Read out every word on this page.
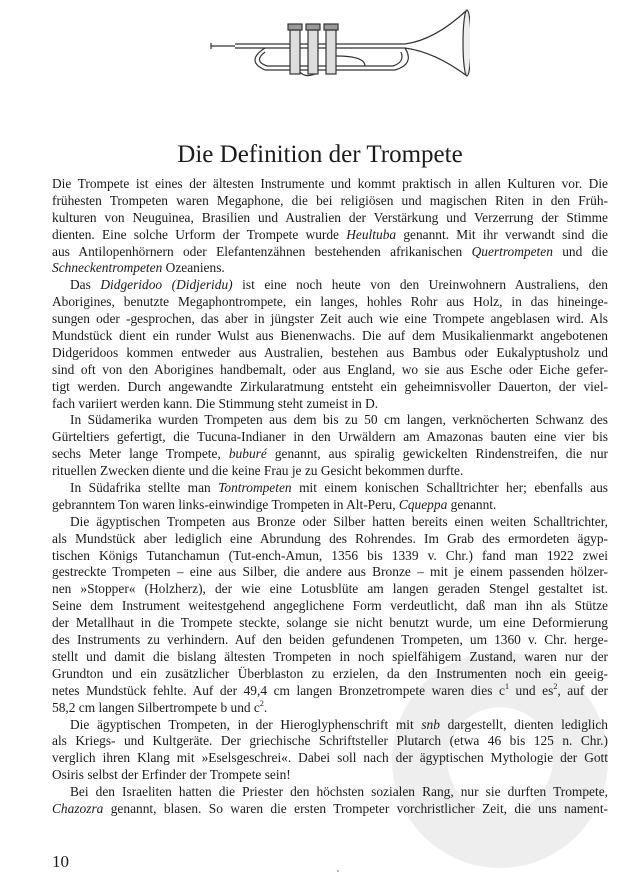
Die Definition der Trompete
Die Trompete ist eines der ältesten Instrumente und kommt praktisch in allen Kulturen vor. Die
frühesten Trompeten waren Megaphone, die bei religiösen und magischen Riten in den Früh-
kulturen von Neuguinea, Brasilien und Australien der Verstärkung und Verzerrung der Stimme
dienten. Eine solche Urform der Trompete wurde Heultuba genannt. Mit ihr verwandt sind die
aus Antilopenhörnern oder Elefantenzähnen bestehenden afrikanischen Quertrompeten und die
Schneckentrompeten Ozeaniens.
Das Didgeridoo (Didjeridu) ist eine noch heute von den Ureinwohnern Australiens, den
Aborigines, benutzte Megaphontrompete, ein langes, hohles Rohr aus Holz, in das hineinge-
sungen oder -gesprochen, das aber in jüngster Zeit auch wie eine Trompete angeblasen wird. Als
Mundstück dient ein runder Wulst aus Bienenwachs. Die auf dem Musikalienmarkt angebotenen
Didgeridoos kommen entweder aus Australien, bestehen aus Bambus oder Eukalyptusholz und
sind oft von den Aborigines handbemalt, oder aus England, wo sie aus Esche oder Eiche gefer-
tigt werden. Durch angewandte Zirkularatmung entsteht ein geheimnisvoller Dauerton, der viel-
fach variiert werden kann. Die Stimmung steht zumeist in D.
In Südamerika wurden Trompeten aus dem bis zu 50 cm langen, verknöcherten Schwanz des
Gürteltiers gefertigt, die Tucuna-Indianer in den Urwäldern am Amazonas bauten eine vier bis
sechs Meter lange Trompete, buburé genannt, aus spiralig gewickelten Rindenstreifen, die nur
rituellen Zwecken diente und die keine Frau je zu Gesicht bekommen durfte.
In Südafrika stellte man Tontrompeten mit einem konischen Schalltrichter her; ebenfalls aus
gebranntem Ton waren links-einwindige Trompeten in Alt-Peru, Cqueppa genannt.
Die ägyptischen Trompeten aus Bronze oder Silber hatten bereits einen weiten Schalltrichter,
als Mundstück aber lediglich eine Abrundung des Rohrendes. Im Grab des ermordeten ägyp-
tischen Königs Tutanchamun (Tut-ench-Amun, 1356 bis 1339 v. Chr.) fand man 1922 zwei
gestreckte Trompeten – eine aus Silber, die andere aus Bronze – mit je einem passenden hölzer-
nen »Stopper« (Holzherz), der wie eine Lotusblüte am langen geraden Stengel gestaltet ist.
Seine dem Instrument weitestgehend angeglichene Form verdeutlicht, daß man ihn als Stütze
der Metallhaut in die Trompete steckte, solange sie nicht benutzt wurde, um eine Deformierung
des Instruments zu verhindern. Auf den beiden gefundenen Trompeten, um 1360 v. Chr. herge-
stellt und damit die bislang ältesten Trompeten in noch spielfähigem Zustand, waren nur der
Grundton und ein zusätzlicher Überblaston zu erzielen, da den Instrumenten noch ein geeig-
netes Mundstück fehlte. Auf der 49,4 cm langen Bronzetrompete waren dies $c^1$ und $es^2$, auf der
58,2 cm langen Silbertrompete b und $c^2$.
Die ägyptischen Trompeten, in der Hieroglyphenschrift mit snb dargestellt, dienten lediglich
als Kriegs- und Kultgeräte. Der griechische Schriftsteller Plutarch (etwa 46 bis 125 n. Chr.)
verglich ihren Klang mit »Eselsgeschrei«. Dabei soll nach der ägyptischen Mythologie der Gott
Osiris selbst der Erfinder der Trompete sein!
Bei den Israeliten hatten die Priester den höchsten sozialen Rang, nur sie durften Trompete,
Chazozra genannt, blasen. So waren die ersten Trompeter vorchristlicher Zeit, die uns nament-
10
